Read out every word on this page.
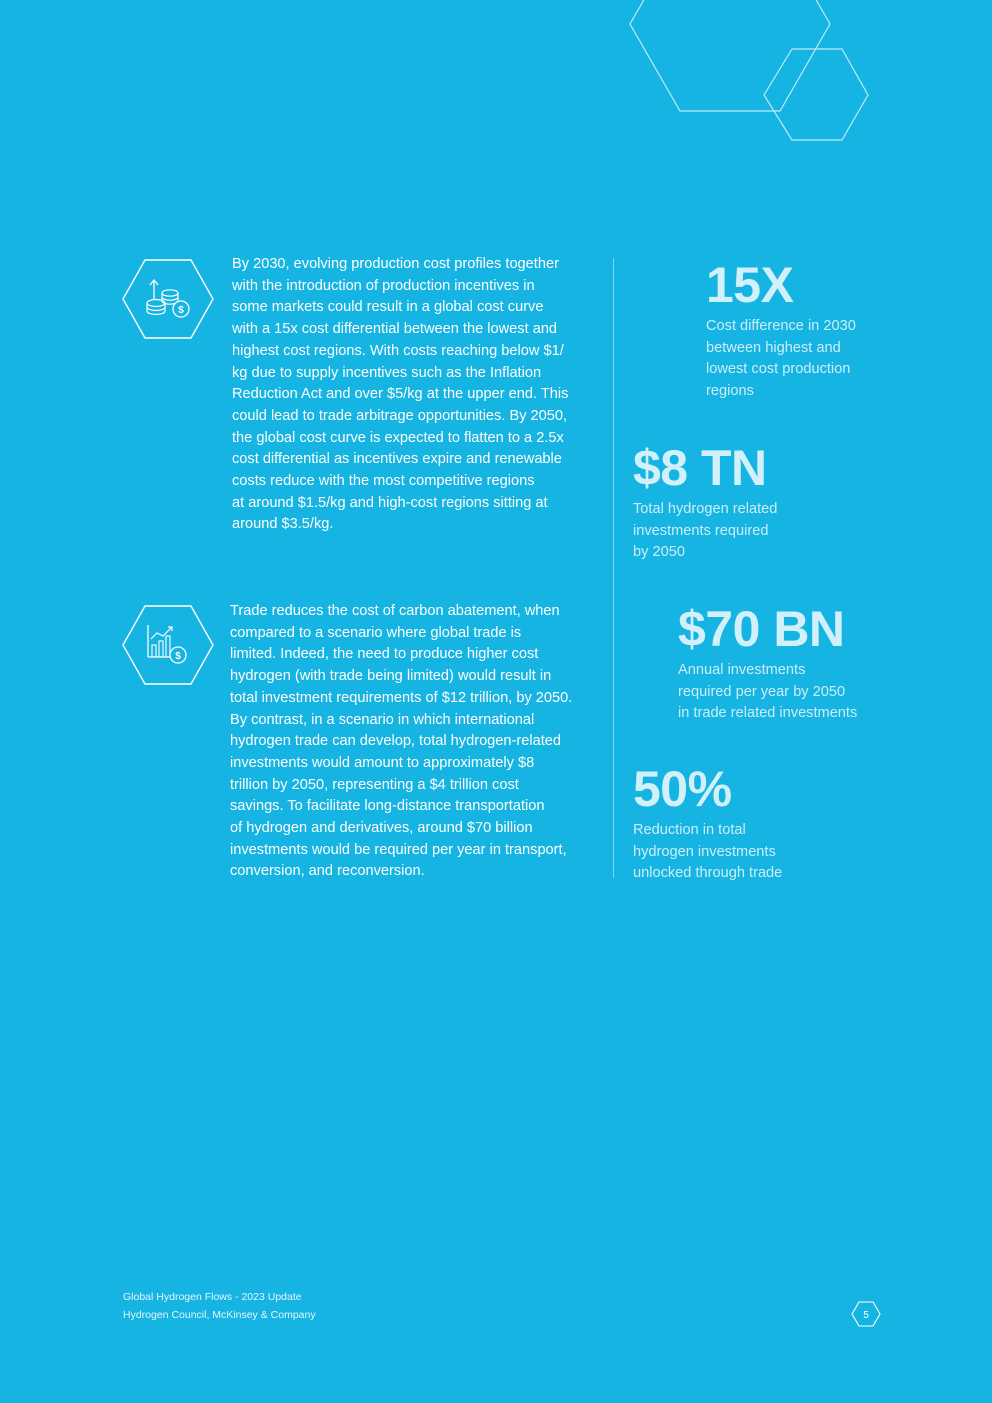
$

By 2030, evolving production cost profiles together
with the introduction of production incentives in
some markets could result in a global cost curve
with a 15x cost differential between the lowest and
highest cost regions. With costs reaching below $1/
kg due to supply incentives such as the Inflation
Reduction Act and over $5/kg at the upper end. This
could lead to trade arbitrage opportunities. By 2050,
the global cost curve is expected to flatten to a 2.5x
cost differential as incentives expire and renewable
costs reduce with the most competitive regions
at around $1.5/kg and high-cost regions sitting at
around $3.5/kg.

$

Trade reduces the cost of carbon abatement, when
compared to a scenario where global trade is
limited. Indeed, the need to produce higher cost
hydrogen (with trade being limited) would result in
total investment requirements of $12 trillion, by 2050.
By contrast, in a scenario in which international
hydrogen trade can develop, total hydrogen-related
investments would amount to approximately $8
trillion by 2050, representing a $4 trillion cost
savings. To facilitate long-distance transportation
of hydrogen and derivatives, around $70 billion
investments would be required per year in transport,
conversion, and reconversion.

15X
Cost difference in 2030
between highest and
lowest cost production
regions
$8 TN
Total hydrogen related
investments required
by 2050
$70 BN
Annual investments
required per year by 2050
in trade related investments
50%
Reduction in total
hydrogen investments
unlocked through trade
Global Hydrogen Flows - 2023 Update
Hydrogen Council, McKinsey & Company	5
